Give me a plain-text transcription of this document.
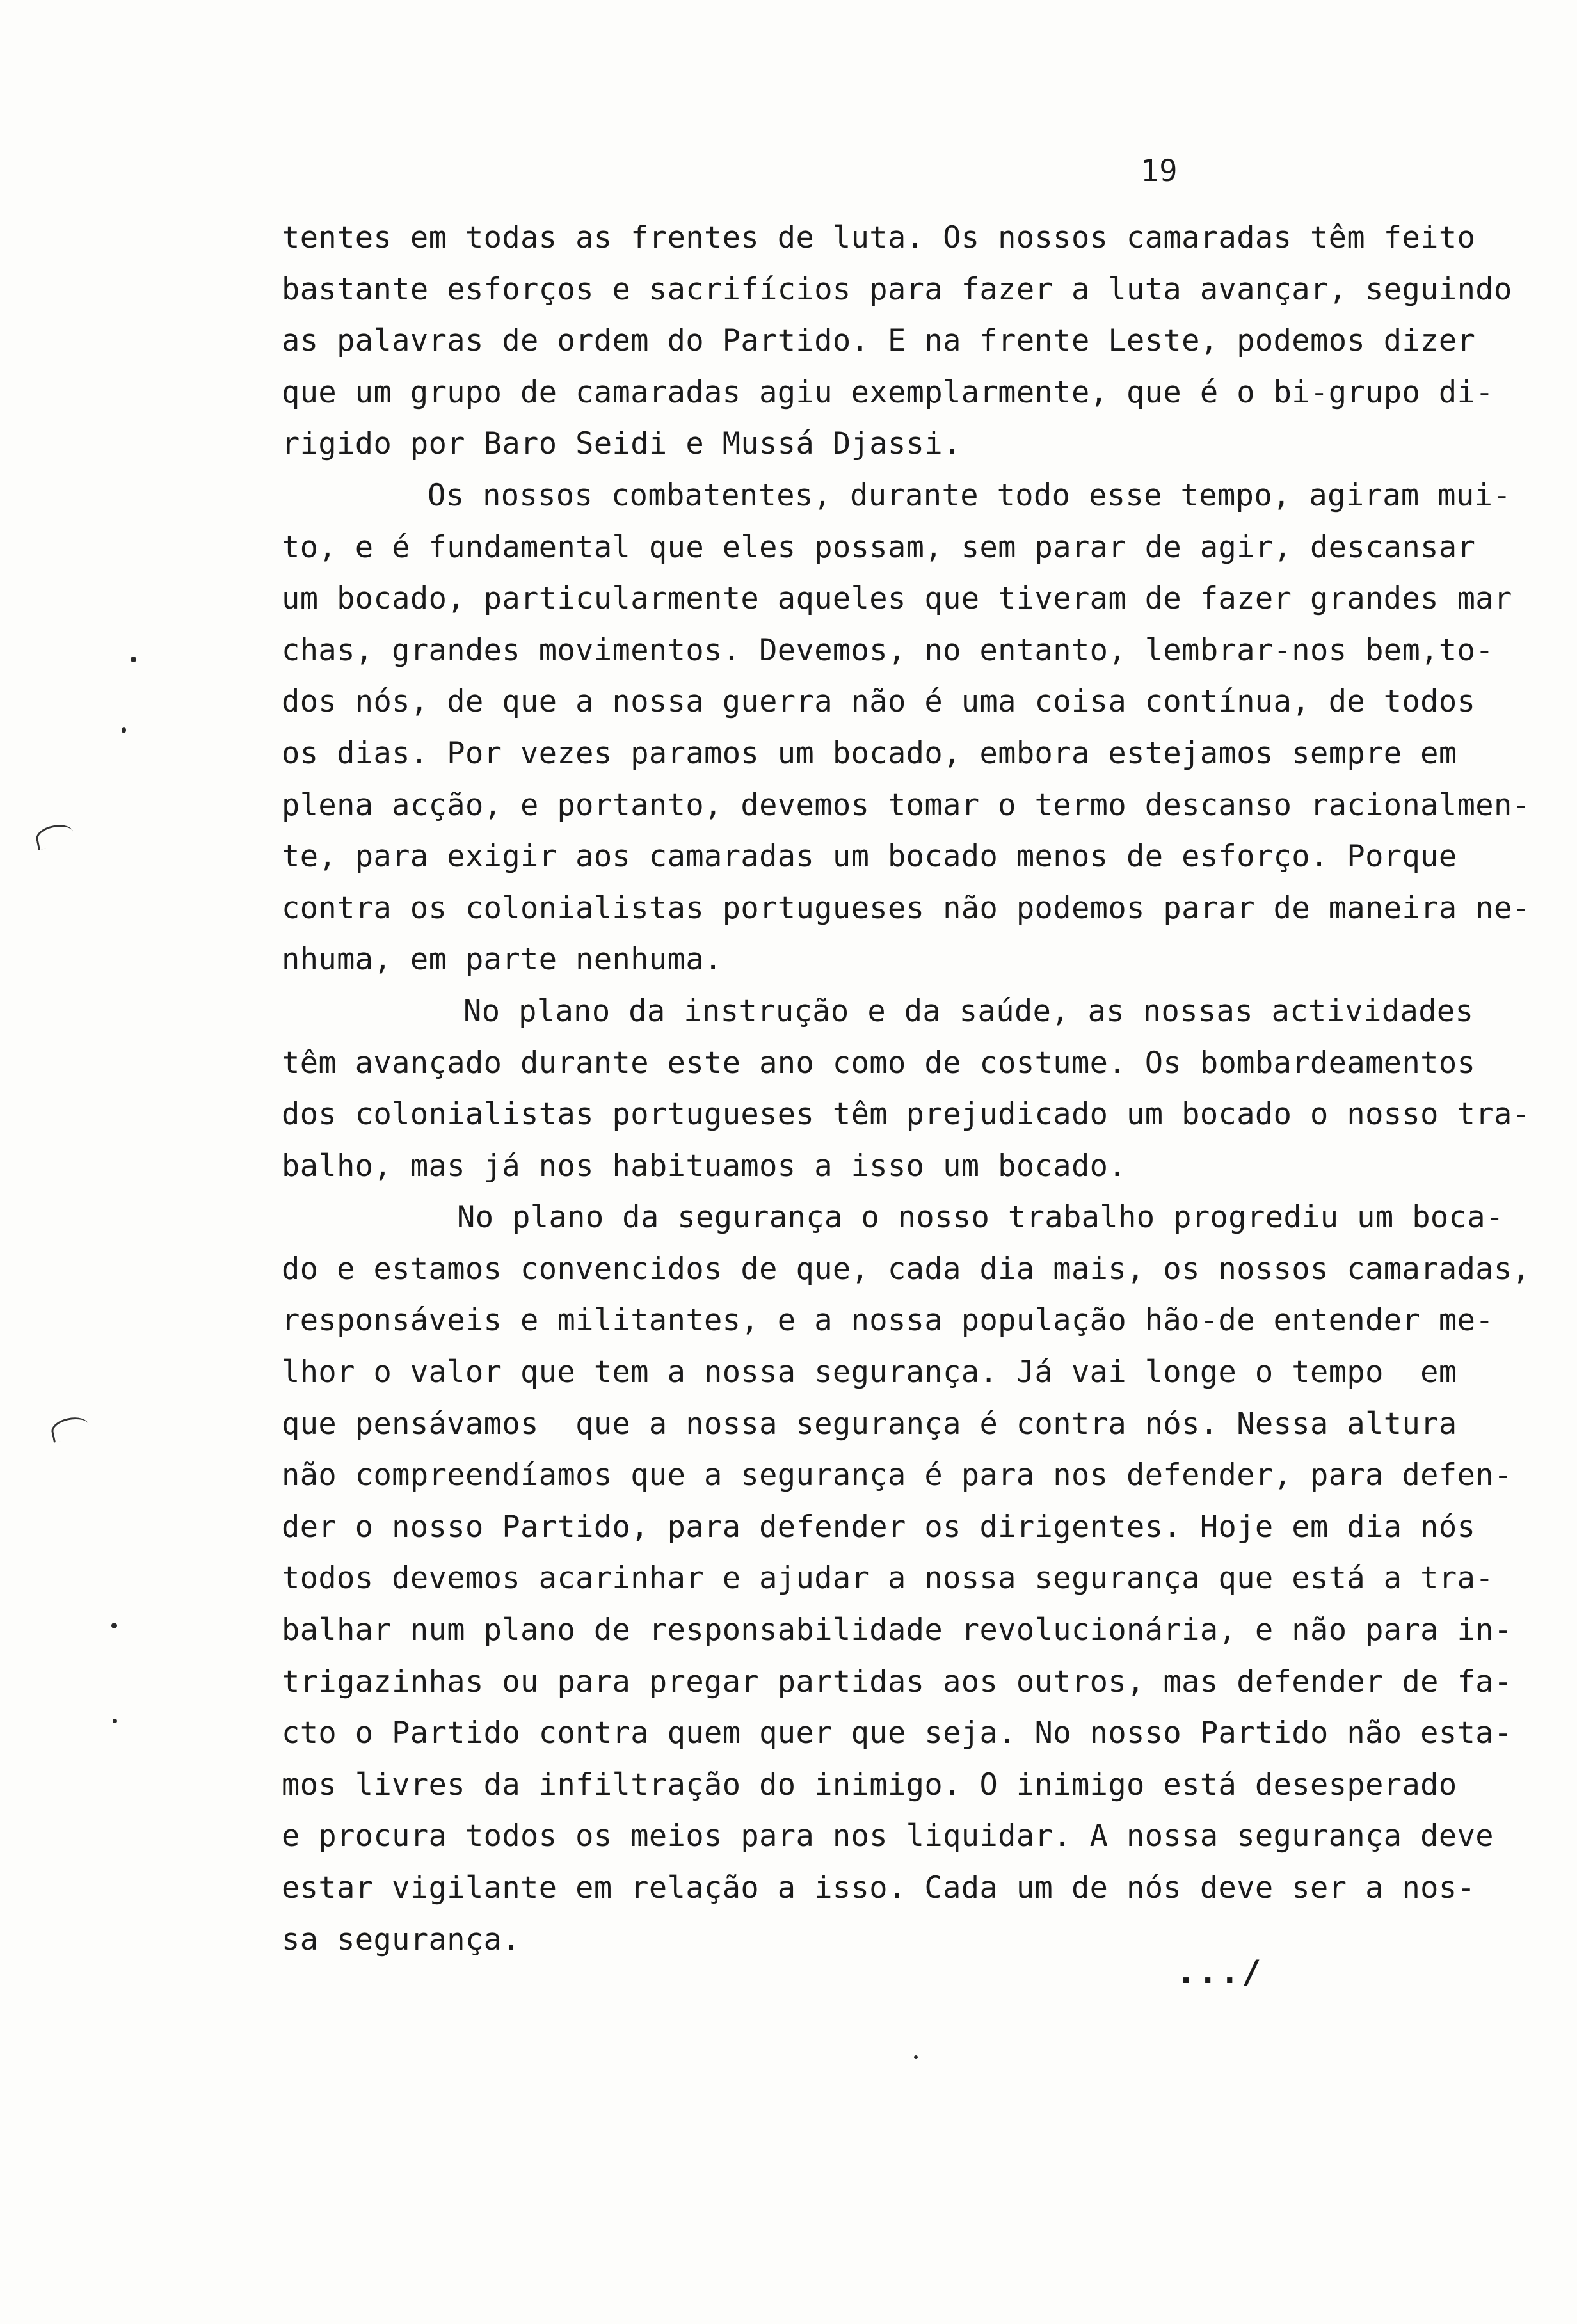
19
tentes em todas as frentes de luta. Os nossos camaradas têm feito
bastante esforços e sacrifícios para fazer a luta avançar, seguindo
as palavras de ordem do Partido. E na frente Leste, podemos dizer
que um grupo de camaradas agiu exemplarmente, que é o bi-grupo di-
rigido por Baro Seidi e Mussá Djassi.
Os nossos combatentes, durante todo esse tempo, agiram mui-
to, e é fundamental que eles possam, sem parar de agir, descansar
um bocado, particularmente aqueles que tiveram de fazer grandes mar
chas, grandes movimentos. Devemos, no entanto, lembrar-nos bem,to-
dos nós, de que a nossa guerra não é uma coisa contínua, de todos
os dias. Por vezes paramos um bocado, embora estejamos sempre em
plena acção, e portanto, devemos tomar o termo descanso racionalmen-
te, para exigir aos camaradas um bocado menos de esforço. Porque
contra os colonialistas portugueses não podemos parar de maneira ne-
nhuma, em parte nenhuma.
No plano da instrução e da saúde, as nossas actividades
têm avançado durante este ano como de costume. Os bombardeamentos
dos colonialistas portugueses têm prejudicado um bocado o nosso tra-
balho, mas já nos habituamos a isso um bocado.
No plano da segurança o nosso trabalho progrediu um boca-
do e estamos convencidos de que, cada dia mais, os nossos camaradas,
responsáveis e militantes, e a nossa população hão-de entender me-
lhor o valor que tem a nossa segurança. Já vai longe o tempo  em
que pensávamos  que a nossa segurança é contra nós. Nessa altura
não compreendíamos que a segurança é para nos defender, para defen-
der o nosso Partido, para defender os dirigentes. Hoje em dia nós
todos devemos acarinhar e ajudar a nossa segurança que está a tra-
balhar num plano de responsabilidade revolucionária, e não para in-
trigazinhas ou para pregar partidas aos outros, mas defender de fa-
cto o Partido contra quem quer que seja. No nosso Partido não esta-
mos livres da infiltração do inimigo. O inimigo está desesperado
e procura todos os meios para nos liquidar. A nossa segurança deve
estar vigilante em relação a isso. Cada um de nós deve ser a nos-
sa segurança.
.../
